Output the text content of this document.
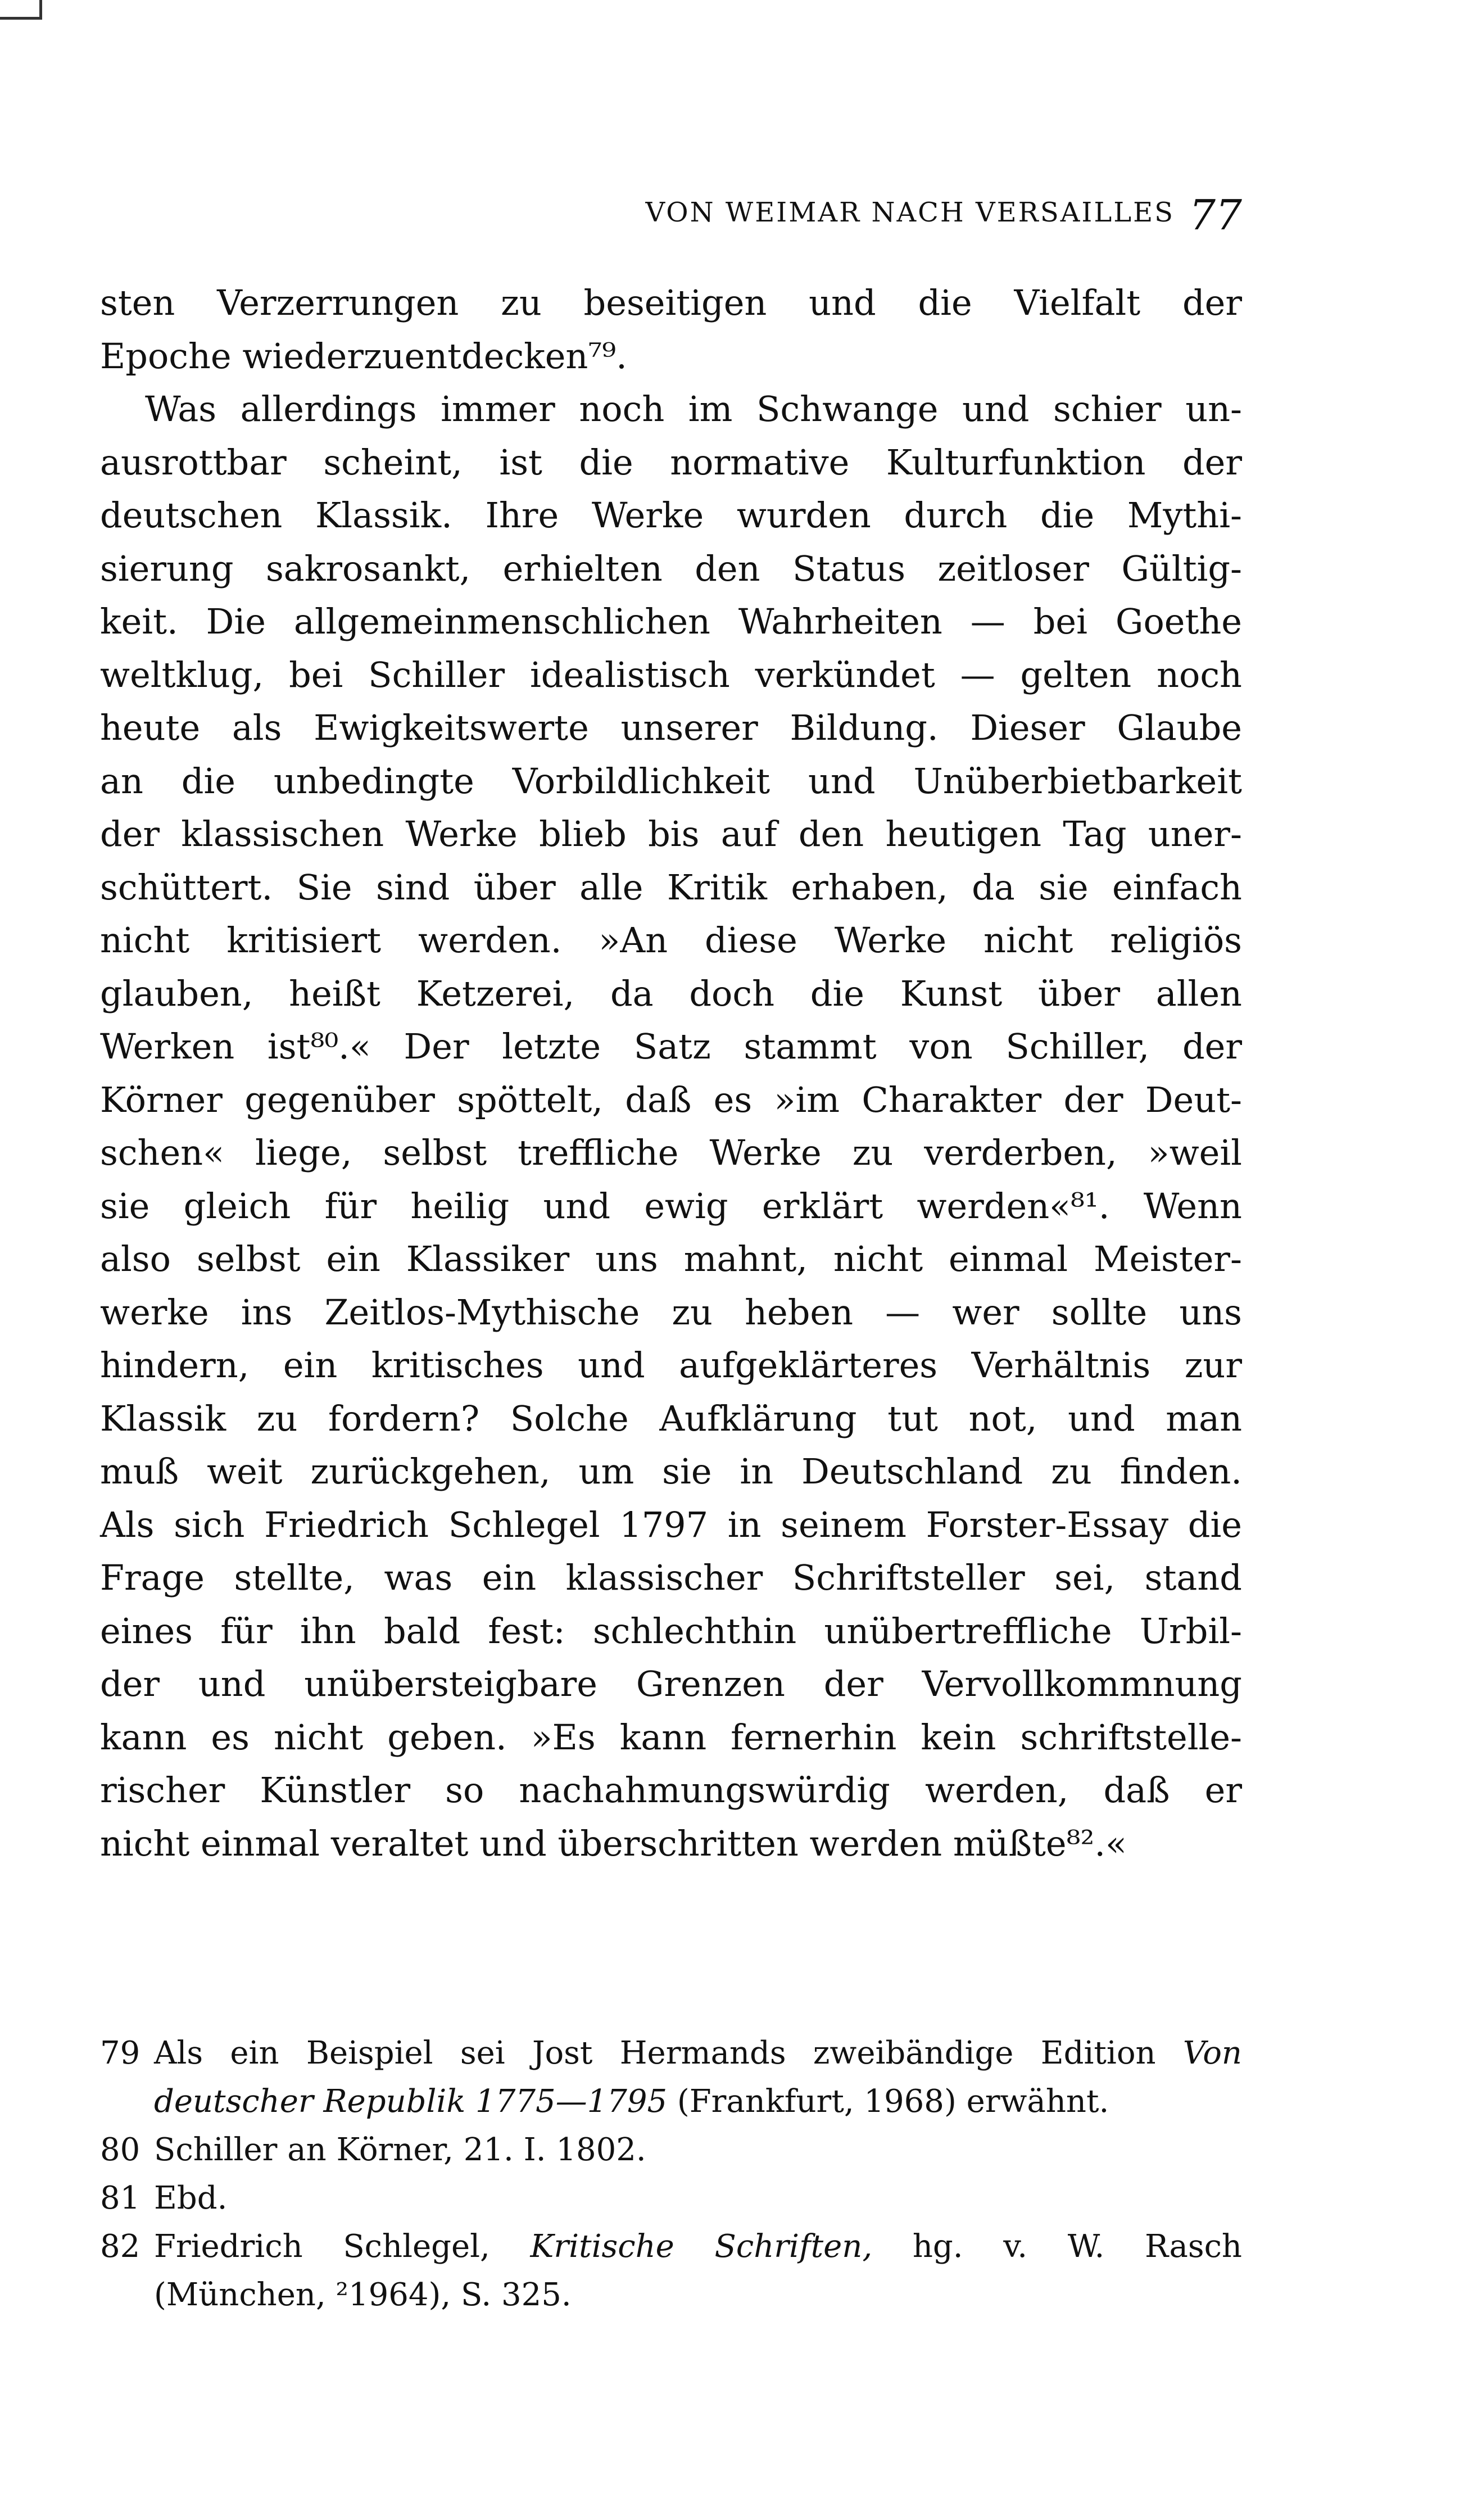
VON WEIMAR NACH VERSAILLES 77
sten Verzerrungen zu beseitigen und die Vielfalt der
Epoche wiederzuentdecken⁷⁹.
Was allerdings immer noch im Schwange und schier un-
ausrottbar scheint, ist die normative Kulturfunktion der
deutschen Klassik. Ihre Werke wurden durch die Mythi-
sierung sakrosankt, erhielten den Status zeitloser Gültig-
keit. Die allgemeinmenschlichen Wahrheiten — bei Goethe
weltklug, bei Schiller idealistisch verkündet — gelten noch
heute als Ewigkeitswerte unserer Bildung. Dieser Glaube
an die unbedingte Vorbildlichkeit und Unüberbietbarkeit
der klassischen Werke blieb bis auf den heutigen Tag uner-
schüttert. Sie sind über alle Kritik erhaben, da sie einfach
nicht kritisiert werden. »An diese Werke nicht religiös
glauben, heißt Ketzerei, da doch die Kunst über allen
Werken ist⁸⁰.« Der letzte Satz stammt von Schiller, der
Körner gegenüber spöttelt, daß es »im Charakter der Deut-
schen« liege, selbst treffliche Werke zu verderben, »weil
sie gleich für heilig und ewig erklärt werden«⁸¹. Wenn
also selbst ein Klassiker uns mahnt, nicht einmal Meister-
werke ins Zeitlos-Mythische zu heben — wer sollte uns
hindern, ein kritisches und aufgeklärteres Verhältnis zur
Klassik zu fordern? Solche Aufklärung tut not, und man
muß weit zurückgehen, um sie in Deutschland zu finden.
Als sich Friedrich Schlegel 1797 in seinem Forster-Essay die
Frage stellte, was ein klassischer Schriftsteller sei, stand
eines für ihn bald fest: schlechthin unübertreffliche Urbil-
der und unübersteigbare Grenzen der Vervollkommnung
kann es nicht geben. »Es kann fernerhin kein schriftstelle-
rischer Künstler so nachahmungswürdig werden, daß er
nicht einmal veraltet und überschritten werden müßte⁸².«
79 Als ein Beispiel sei Jost Hermands zweibändige Edition Von
deutscher Republik 1775—1795 (Frankfurt, 1968) erwähnt.
80 Schiller an Körner, 21. I. 1802.
81 Ebd.
82 Friedrich Schlegel, Kritische Schriften, hg. v. W. Rasch
(München, ²1964), S. 325.
